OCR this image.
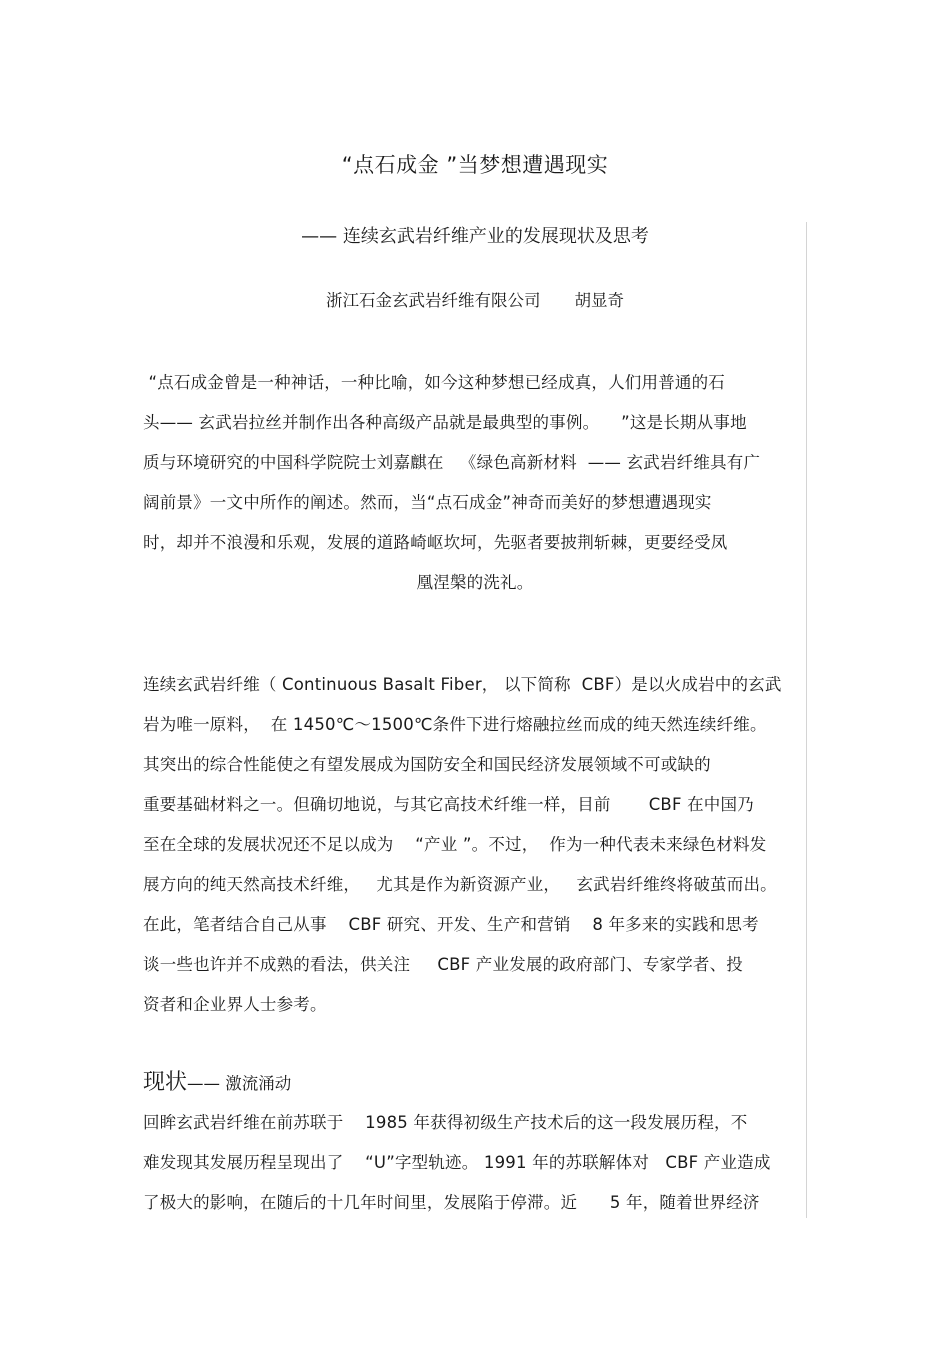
“点石成金 ”当梦想遭遇现实
—— 连续玄武岩纤维产业的发展现状及思考
浙江石金玄武岩纤维有限公司 胡显奇
“点石成金曾是一种神话，一种比喻，如今这种梦想已经成真，人们用普通的石
头—— 玄武岩拉丝并制作出各种高级产品就是最典型的事例。    ”这是长期从事地
质与环境研究的中国科学院院士刘嘉麒在   《绿色高新材料  —— 玄武岩纤维具有广
阔前景》一文中所作的阐述。然而，当“点石成金”神奇而美好的梦想遭遇现实
时，却并不浪漫和乐观，发展的道路崎岖坎坷，先驱者要披荆斩棘，更要经受凤
凰涅槃的洗礼。
连续玄武岩纤维（ Continuous Basalt Fiber， 以下简称  CBF）是以火成岩中的玄武
岩为唯一原料，  在 1450℃～1500℃条件下进行熔融拉丝而成的纯天然连续纤维。
其突出的综合性能使之有望发展成为国防安全和国民经济发展领域不可或缺的
重要基础材料之一。但确切地说，与其它高技术纤维一样，目前       CBF 在中国乃
至在全球的发展状况还不足以成为    “产业 ”。不过，  作为一种代表未来绿色材料发
展方向的纯天然高技术纤维，   尤其是作为新资源产业，   玄武岩纤维终将破茧而出。
在此，笔者结合自己从事    CBF 研究、开发、生产和营销    8 年多来的实践和思考
谈一些也许并不成熟的看法，供关注     CBF 产业发展的政府部门、专家学者、投
资者和企业界人士参考。
现状—— 激流涌动
回眸玄武岩纤维在前苏联于    1985 年获得初级生产技术后的这一段发展历程，不
难发现其发展历程呈现出了    “U”字型轨迹。 1991 年的苏联解体对   CBF 产业造成
了极大的影响，在随后的十几年时间里，发展陷于停滞。近      5 年，随着世界经济
